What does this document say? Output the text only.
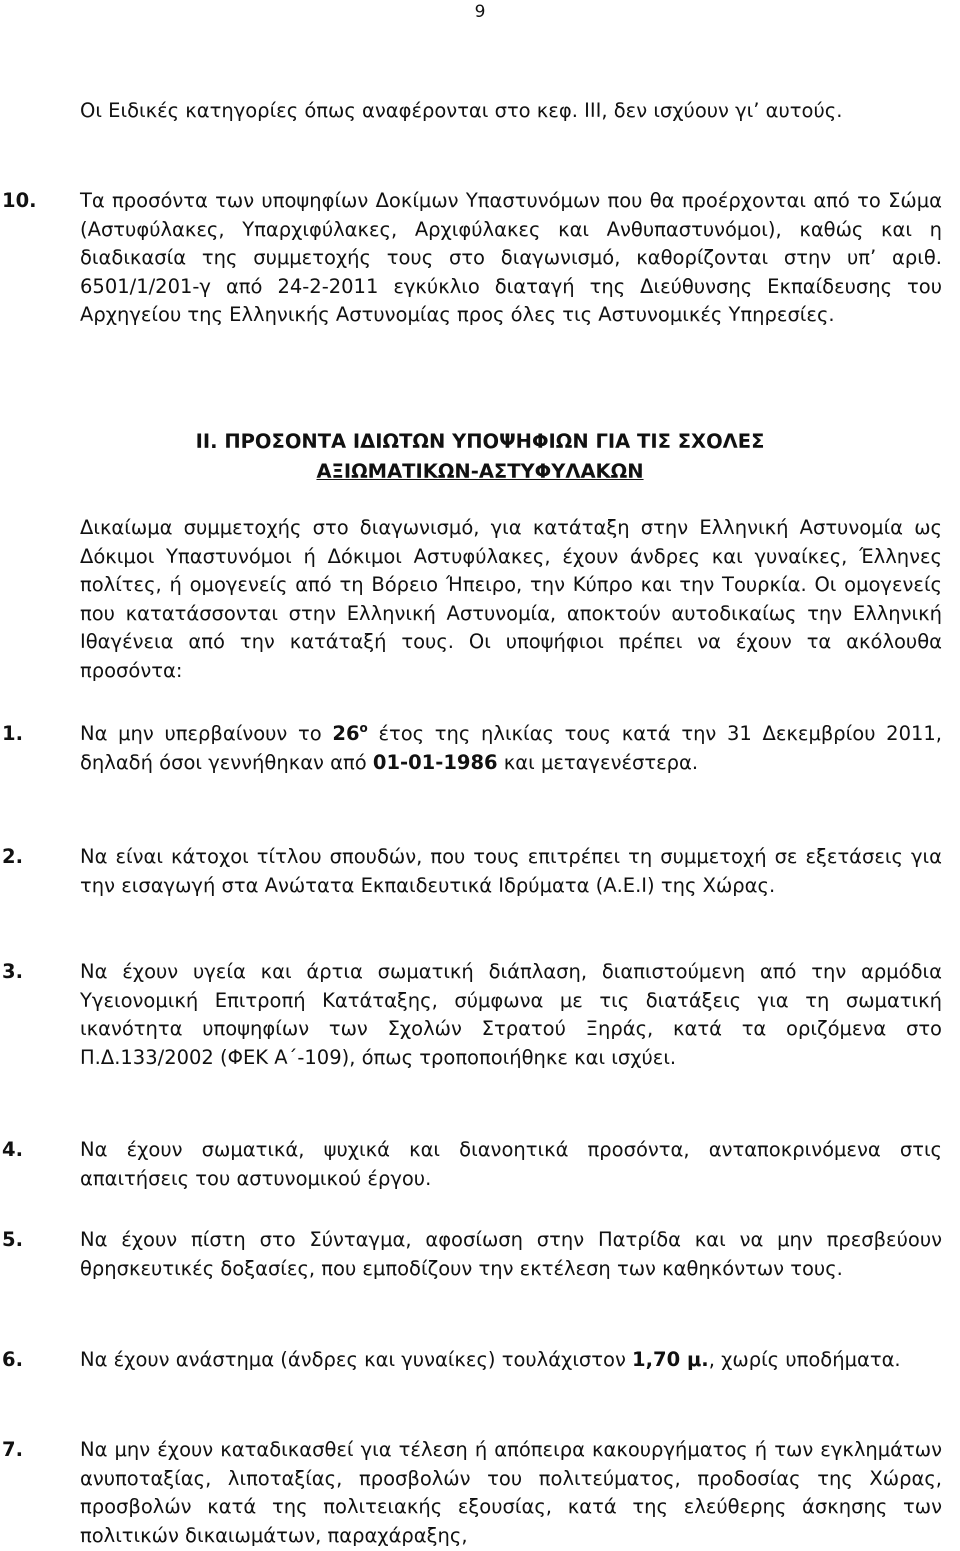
9
Οι Ειδικές κατηγορίες όπως αναφέρονται στο κεφ. ΙΙΙ, δεν ισχύουν γι’ αυτούς.
10. Τα προσόντα των υποψηφίων Δοκίμων Υπαστυνόμων που θα προέρχονται από το Σώμα (Αστυφύλακες, Υπαρχιφύλακες, Αρχιφύλακες και Ανθυπαστυνόμοι), καθώς και η διαδικασία της συμμετοχής τους στο διαγωνισμό, καθορίζονται στην υπ’ αριθ. 6501/1/201-γ από 24-2-2011 εγκύκλιο διαταγή της Διεύθυνσης Εκπαίδευσης του Αρχηγείου της Ελληνικής Αστυνομίας προς όλες τις Αστυνομικές Υπηρεσίες.
ΙΙ. ΠΡΟΣΟΝΤΑ ΙΔΙΩΤΩΝ ΥΠΟΨΗΦΙΩΝ ΓΙΑ ΤΙΣ ΣΧΟΛΕΣ
ΑΞΙΩΜΑΤΙΚΩΝ-ΑΣΤΥΦΥΛΑΚΩΝ
Δικαίωμα συμμετοχής στο διαγωνισμό, για κατάταξη στην Ελληνική Αστυνομία ως Δόκιμοι Υπαστυνόμοι ή Δόκιμοι Αστυφύλακες, έχουν άνδρες και γυναίκες, Έλληνες πολίτες, ή ομογενείς από τη Βόρειο Ήπειρο, την Κύπρο και την Τουρκία. Οι ομογενείς που κατατάσσονται στην Ελληνική Αστυνομία, αποκτούν αυτοδικαίως την Ελληνική Ιθαγένεια από την κατάταξή τους. Οι υποψήφιοι πρέπει να έχουν τα ακόλουθα προσόντα:
1.	Να μην υπερβαίνουν το $26^o$ έτος της ηλικίας τους κατά την 31 Δεκεμβρίου 2011, δηλαδή όσοι γεννήθηκαν από 01-01-1986 και μεταγενέστερα.
2.	Να είναι κάτοχοι τίτλου σπουδών, που τους επιτρέπει τη συμμετοχή σε εξετάσεις για την εισαγωγή στα Ανώτατα Εκπαιδευτικά Ιδρύματα (Α.Ε.Ι) της Χώρας.
3.	Να έχουν υγεία και άρτια σωματική διάπλαση, διαπιστούμενη από την αρμόδια Υγειονομική Επιτροπή Κατάταξης, σύμφωνα με τις διατάξεις για τη σωματική ικανότητα υποψηφίων των Σχολών Στρατού Ξηράς, κατά τα οριζόμενα στο Π.Δ.133/2002 (ΦΕΚ Α΄-109), όπως τροποποιήθηκε και ισχύει.
4.	Να έχουν σωματικά, ψυχικά και διανοητικά προσόντα, ανταποκρινόμενα στις απαιτήσεις του αστυνομικού έργου.
5.	Να έχουν πίστη στο Σύνταγμα, αφοσίωση στην Πατρίδα και να μην πρεσβεύουν θρησκευτικές δοξασίες, που εμποδίζουν την εκτέλεση των καθηκόντων τους.
6.	Να έχουν ανάστημα (άνδρες και γυναίκες) τουλάχιστον 1,70 μ., χωρίς υποδήματα.
7.	Να μην έχουν καταδικασθεί για τέλεση ή απόπειρα κακουργήματος ή των εγκλημάτων ανυποταξίας, λιποταξίας, προσβολών του πολιτεύματος, προδοσίας της Χώρας, προσβολών κατά της πολιτειακής εξουσίας, κατά της ελεύθερης άσκησης των πολιτικών δικαιωμάτων, παραχάραξης,
